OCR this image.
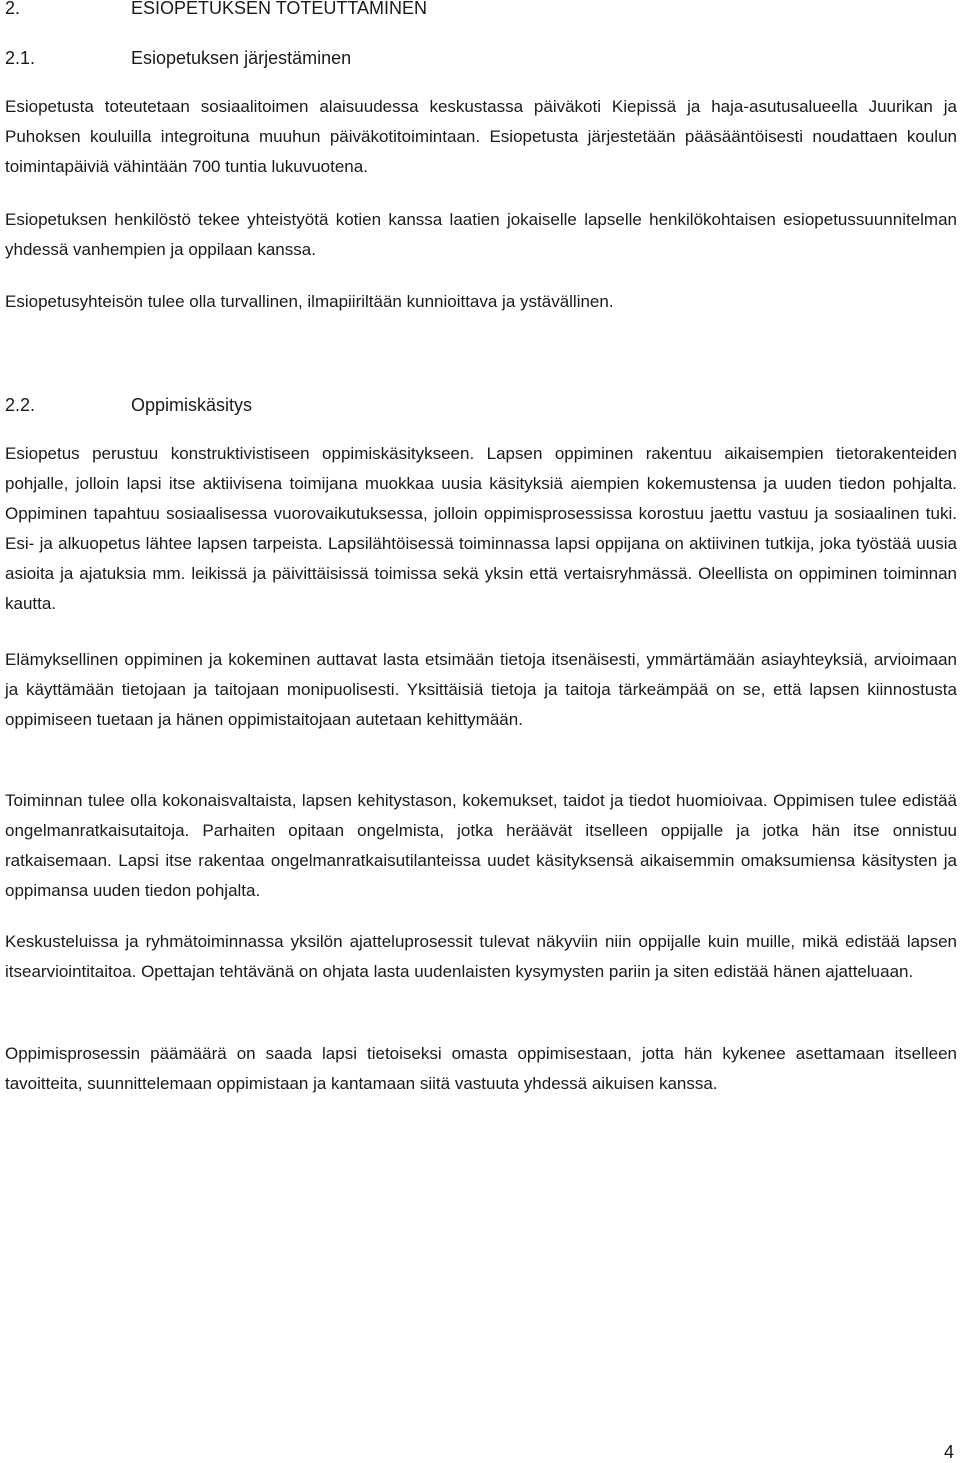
2.	ESIOPETUKSEN TOTEUTTAMINEN
2.1.	Esiopetuksen järjestäminen

Esiopetusta toteutetaan sosiaalitoimen alaisuudessa keskustassa päiväkoti Kiepissä ja haja-asutusalueella Juurikan ja Puhoksen kouluilla integroituna muuhun päiväkotitoimintaan. Esiopetusta järjestetään pääsääntöisesti noudattaen koulun toimintapäiviä vähintään 700 tuntia lukuvuotena.

Esiopetuksen henkilöstö tekee yhteistyötä kotien kanssa laatien jokaiselle lapselle henkilökohtaisen esiopetussuunnitelman yhdessä vanhempien ja oppilaan kanssa.

Esiopetusyhteisön tulee olla turvallinen, ilmapiiriltään kunnioittava ja ystävällinen.

2.2.	Oppimiskäsitys

Esiopetus perustuu konstruktivistiseen oppimiskäsitykseen. Lapsen oppiminen rakentuu aikaisempien tietorakenteiden pohjalle, jolloin lapsi itse aktiivisena toimijana muokkaa uusia käsityksiä aiempien kokemustensa ja uuden tiedon pohjalta. Oppiminen tapahtuu sosiaalisessa vuorovaikutuksessa, jolloin oppimisprosessissa korostuu jaettu vastuu ja sosiaalinen tuki. Esi- ja alkuopetus lähtee lapsen tarpeista. Lapsilähtöisessä toiminnassa lapsi oppijana on aktiivinen tutkija, joka työstää uusia asioita ja ajatuksia mm. leikissä ja päivittäisissä toimissa sekä yksin että vertaisryhmässä. Oleellista on oppiminen toiminnan kautta.

Elämyksellinen oppiminen ja kokeminen auttavat lasta etsimään tietoja itsenäisesti, ymmärtämään asiayhteyksiä, arvioimaan ja käyttämään tietojaan ja taitojaan monipuolisesti. Yksittäisiä tietoja ja taitoja tärkeämpää on se, että lapsen kiinnostusta oppimiseen tuetaan ja hänen oppimistaitojaan autetaan kehittymään.

Toiminnan tulee olla kokonaisvaltaista, lapsen kehitystason, kokemukset, taidot ja tiedot huomioivaa. Oppimisen tulee edistää ongelmanratkaisutaitoja. Parhaiten opitaan ongelmista, jotka heräävät itselleen oppijalle ja jotka hän itse onnistuu ratkaisemaan. Lapsi itse rakentaa ongelmanratkaisutilanteissa uudet käsityksensä aikaisemmin omaksumiensa käsitysten ja oppimansa uuden tiedon pohjalta.

Keskusteluissa ja ryhmätoiminnassa yksilön ajatteluprosessit tulevat näkyviin niin oppijalle kuin muille, mikä edistää lapsen itsearviointitaitoa. Opettajan tehtävänä on ohjata lasta uudenlaisten kysymysten pariin ja siten edistää hänen ajatteluaan.

Oppimisprosessin päämäärä on saada lapsi tietoiseksi omasta oppimisestaan, jotta hän kykenee asettamaan itselleen tavoitteita, suunnittelemaan oppimistaan ja kantamaan siitä vastuuta yhdessä aikuisen kanssa.

4
